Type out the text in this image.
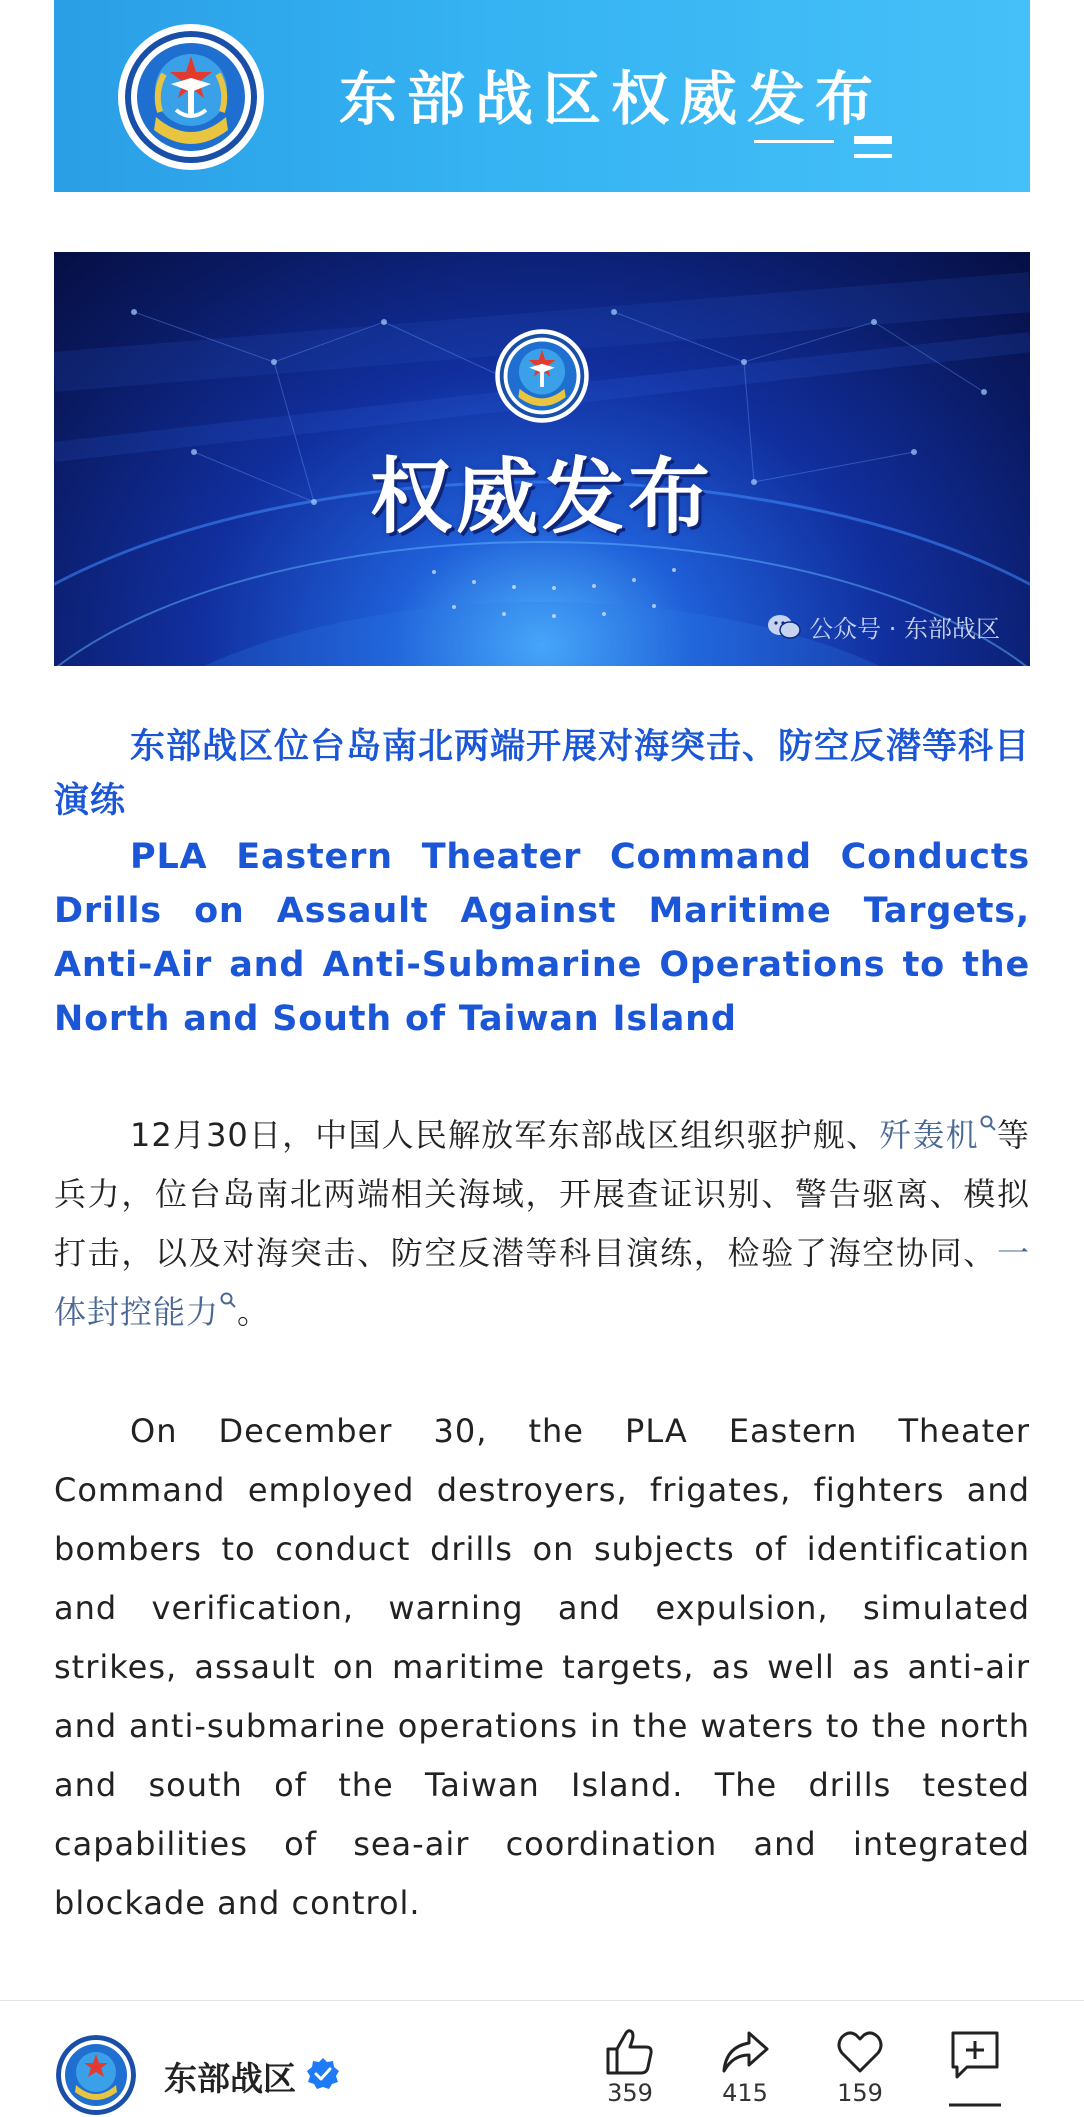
东部战区权威发布
权威发布
公众号 · 东部战区
东部战区位台岛南北两端开展对海突击、防空反潜等科目演练
PLA Eastern Theater Command Conducts Drills on Assault Against Maritime Targets, Anti-Air and Anti-Submarine Operations to the North and South of Taiwan Island
12月30日，中国人民解放军东部战区组织驱护舰、歼轰机 等兵力，位台岛南北两端相关海域，开展查证识别、警告驱离、模拟打击，以及对海突击、防空反潜等科目演练，检验了海空协同、一体封控能力 。
On December 30, the PLA Eastern Theater Command employed destroyers, frigates, fighters and bombers to conduct drills on subjects of identification and verification, warning and expulsion, simulated strikes, assault on maritime targets, as well as anti-air and anti-submarine operations in the waters to the north and south of the Taiwan Island. The drills tested capabilities of sea-air coordination and integrated blockade and control.
东部战区	359	415	159
